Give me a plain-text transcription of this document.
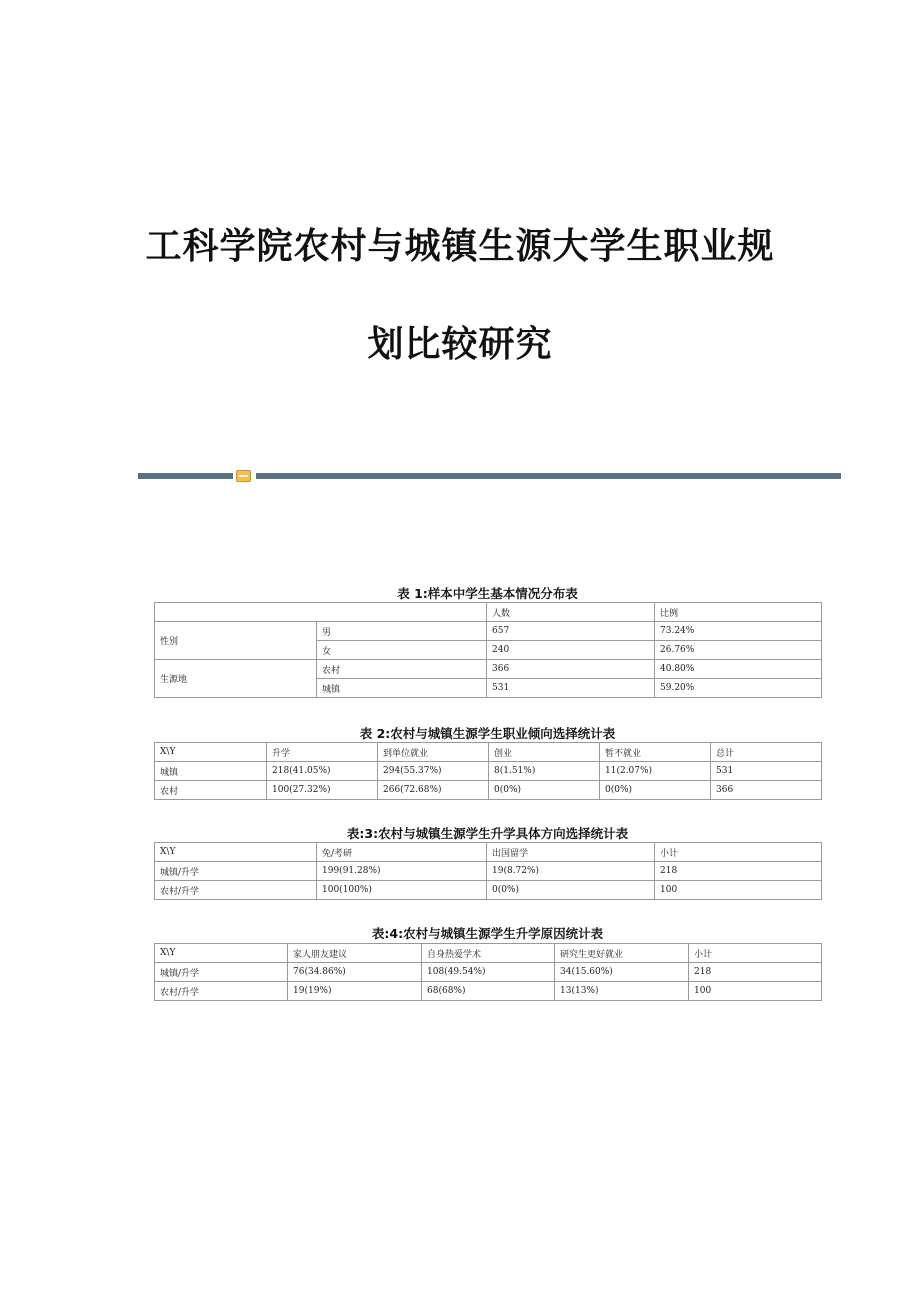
工科学院农村与城镇生源大学生职业规
划比较研究
表 1:样本中学生基本情况分布表
		人数	比例
性别	男	657	73.24%
	女	240	26.76%
生源地	农村	366	40.80%
	城镇	531	59.20%
表 2:农村与城镇生源学生职业倾向选择统计表
X\Y	升学	到单位就业	创业	暂不就业	总计
城镇	218(41.05%)	294(55.37%)	8(1.51%)	11(2.07%)	531
农村	100(27.32%)	266(72.68%)	0(0%)	0(0%)	366
表:3:农村与城镇生源学生升学具体方向选择统计表
X\Y	免/考研	出国留学	小计
城镇/升学	199(91.28%)	19(8.72%)	218
农村/升学	100(100%)	0(0%)	100
表:4:农村与城镇生源学生升学原因统计表
X\Y	家人朋友建议	自身热爱学术	研究生更好就业	小计
城镇/升学	76(34.86%)	108(49.54%)	34(15.60%)	218
农村/升学	19(19%)	68(68%)	13(13%)	100
